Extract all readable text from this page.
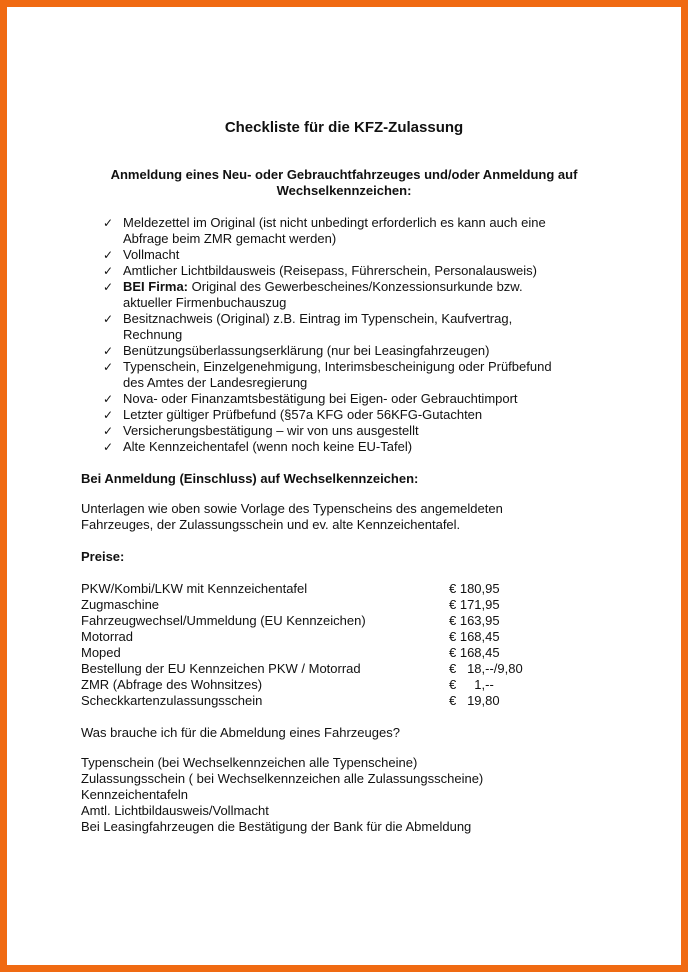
Checkliste für die KFZ-Zulassung
Anmeldung eines Neu- oder Gebrauchtfahrzeuges und/oder Anmeldung auf Wechselkennzeichen:
✓ Meldezettel im Original (ist nicht unbedingt erforderlich es kann auch eine
Abfrage beim ZMR gemacht werden)
✓ Vollmacht
✓ Amtlicher Lichtbildausweis (Reisepass, Führerschein, Personalausweis)
✓ BEI Firma: Original des Gewerbescheines/Konzessionsurkunde bzw.
aktueller Firmenbuchauszug
✓ Besitznachweis (Original) z.B. Eintrag im Typenschein, Kaufvertrag,
Rechnung
✓ Benützungsüberlassungserklärung (nur bei Leasingfahrzeugen)
✓ Typenschein, Einzelgenehmigung, Interimsbescheinigung oder Prüfbefund
des Amtes der Landesregierung
✓ Nova- oder Finanzamtsbestätigung bei Eigen- oder Gebrauchtimport
✓ Letzter gültiger Prüfbefund (§57a KFG oder 56KFG-Gutachten
✓ Versicherungsbestätigung – wir von uns ausgestellt
✓ Alte Kennzeichentafel (wenn noch keine EU-Tafel)
Bei Anmeldung (Einschluss) auf Wechselkennzeichen:
Unterlagen wie oben sowie Vorlage des Typenscheins des angemeldeten
Fahrzeuges, der Zulassungsschein und ev. alte Kennzeichentafel.
Preise:
PKW/Kombi/LKW mit Kennzeichentafel	€ 180,95
Zugmaschine	€ 171,95
Fahrzeugwechsel/Ummeldung (EU Kennzeichen)	€ 163,95
Motorrad	€ 168,45
Moped	€ 168,45
Bestellung der EU Kennzeichen PKW / Motorrad	€   18,--/9,80
ZMR (Abfrage des Wohnsitzes)	€     1,--
Scheckkartenzulassungsschein	€   19,80
Was brauche ich für die Abmeldung eines Fahrzeuges?
Typenschein (bei Wechselkennzeichen alle Typenscheine)
Zulassungsschein ( bei Wechselkennzeichen alle Zulassungsscheine)
Kennzeichentafeln
Amtl. Lichtbildausweis/Vollmacht
Bei Leasingfahrzeugen die Bestätigung der Bank für die Abmeldung
